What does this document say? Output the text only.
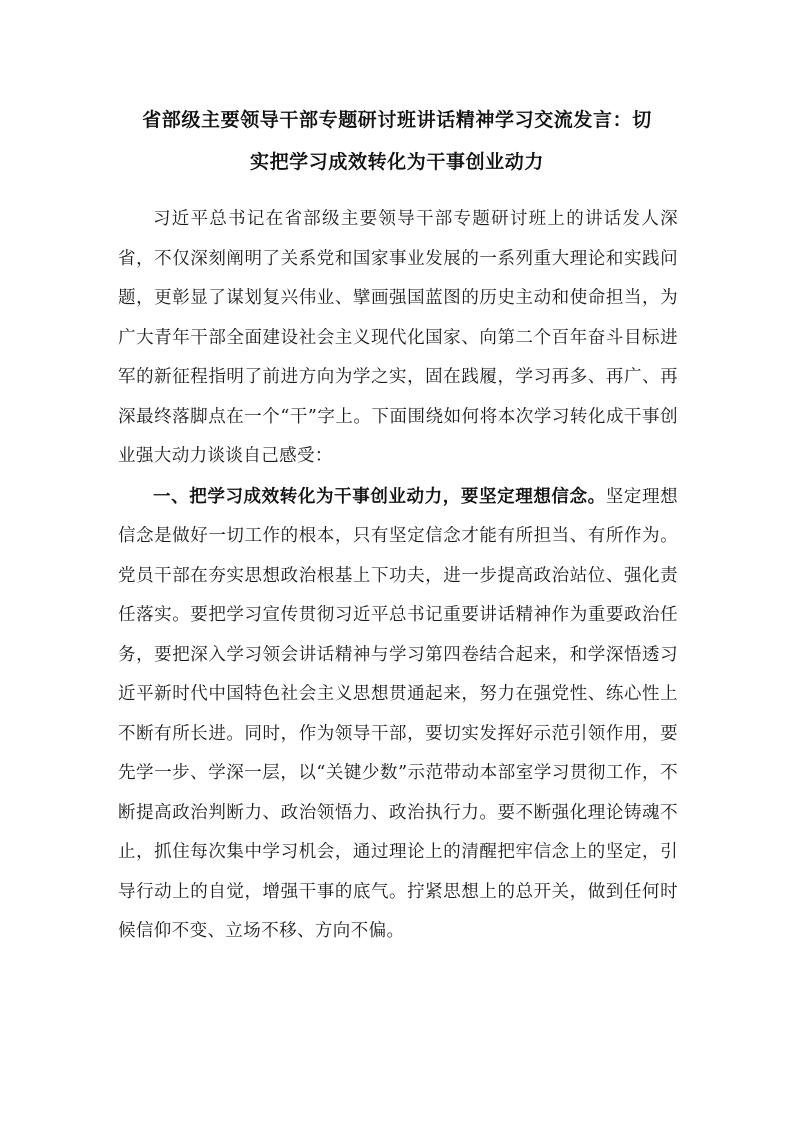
省部级主要领导干部专题研讨班讲话精神学习交流发言：切
实把学习成效转化为干事创业动力

习近平总书记在省部级主要领导干部专题研讨班上的讲话发人深省，不仅深刻阐明了关系党和国家事业发展的一系列重大理论和实践问题，更彰显了谋划复兴伟业、擘画强国蓝图的历史主动和使命担当，为广大青年干部全面建设社会主义现代化国家、向第二个百年奋斗目标进军的新征程指明了前进方向为学之实，固在践履，学习再多、再广、再深最终落脚点在一个“干”字上。下面围绕如何将本次学习转化成干事创业强大动力谈谈自己感受：

一、把学习成效转化为干事创业动力，要坚定理想信念。坚定理想信念是做好一切工作的根本，只有坚定信念才能有所担当、有所作为。党员干部在夯实思想政治根基上下功夫，进一步提高政治站位、强化责任落实。要把学习宣传贯彻习近平总书记重要讲话精神作为重要政治任务，要把深入学习领会讲话精神与学习第四卷结合起来，和学深悟透习近平新时代中国特色社会主义思想贯通起来，努力在强党性、练心性上不断有所长进。同时，作为领导干部，要切实发挥好示范引领作用，要先学一步、学深一层，以“关键少数”示范带动本部室学习贯彻工作，不断提高政治判断力、政治领悟力、政治执行力。要不断强化理论铸魂不止，抓住每次集中学习机会，通过理论上的清醒把牢信念上的坚定，引导行动上的自觉，增强干事的底气。拧紧思想上的总开关，做到任何时候信仰不变、立场不移、方向不偏。
